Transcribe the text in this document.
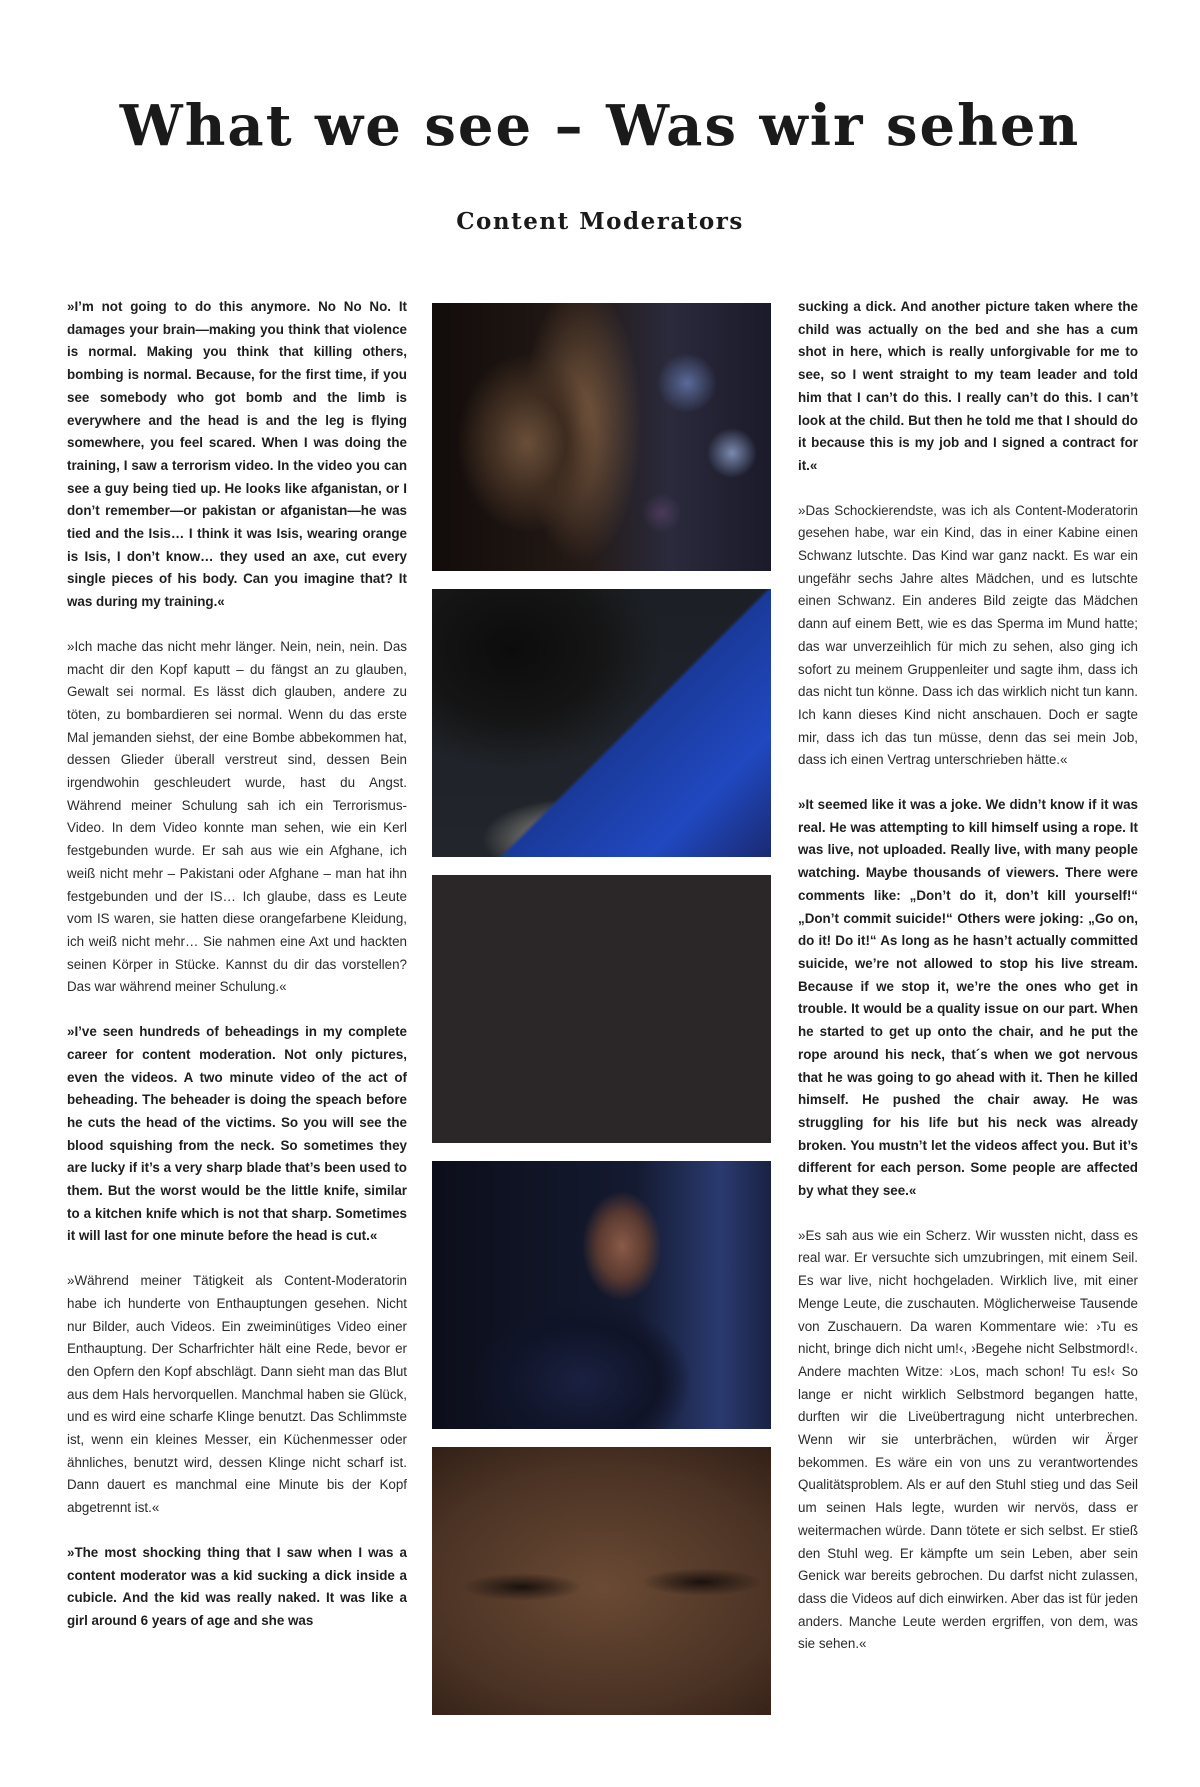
What we see – Was wir sehen
Content Moderators

»I’m not going to do this anymore. No No No. It damages your brain—making you think that violence is normal. Making you think that killing others, bombing is normal. Because, for the first time, if you see somebody who got bomb and the limb is everywhere and the head is and the leg is flying somewhere, you feel scared. When I was doing the training, I saw a terrorism video. In the video you can see a guy being tied up. He looks like afganistan, or I don’t remember—or pakistan or afganistan—he was tied and the Isis… I think it was Isis, wearing orange is Isis, I don’t know… they used an axe, cut every single pieces of his body. Can you imagine that? It was during my training.«

»Ich mache das nicht mehr länger. Nein, nein, nein. Das macht dir den Kopf kaputt – du fängst an zu glauben, Gewalt sei normal. Es lässt dich glauben, andere zu töten, zu bombardieren sei normal. Wenn du das erste Mal jemanden siehst, der eine Bombe abbekommen hat, dessen Glieder überall verstreut sind, dessen Bein irgendwohin geschleudert wurde, hast du Angst. Während meiner Schulung sah ich ein Terrorismus-Video. In dem Video konnte man sehen, wie ein Kerl festgebunden wurde. Er sah aus wie ein Afghane, ich weiß nicht mehr – Pakistani oder Afghane – man hat ihn festgebunden und der IS… Ich glaube, dass es Leute vom IS waren, sie hatten diese orangefarbene Kleidung, ich weiß nicht mehr… Sie nahmen eine Axt und hackten seinen Körper in Stücke. Kannst du dir das vorstellen? Das war während meiner Schulung.«

»I’ve seen hundreds of beheadings in my complete career for content moderation. Not only pictures, even the videos. A two minute video of the act of beheading. The beheader is doing the speach before he cuts the head of the victims. So you will see the blood squishing from the neck. So sometimes they are lucky if it’s a very sharp blade that’s been used to them. But the worst would be the little knife, similar to a kitchen knife which is not that sharp. Sometimes it will last for one minute before the head is cut.«

»Während meiner Tätigkeit als Content-Moderatorin habe ich hunderte von Enthauptungen gesehen. Nicht nur Bilder, auch Videos. Ein zweiminütiges Video einer Enthauptung. Der Scharfrichter hält eine Rede, bevor er den Opfern den Kopf abschlägt. Dann sieht man das Blut aus dem Hals hervorquellen. Manchmal haben sie Glück, und es wird eine scharfe Klinge benutzt. Das Schlimmste ist, wenn ein kleines Messer, ein Küchenmesser oder ähnliches, benutzt wird, dessen Klinge nicht scharf ist. Dann dauert es manchmal eine Minute bis der Kopf abgetrennt ist.«

»The most shocking thing that I saw when I was a content moderator was a kid sucking a dick inside a cubicle. And the kid was really naked. It was like a girl around 6 years of age and she was

sucking a dick. And another picture taken where the child was actually on the bed and she has a cum shot in here, which is really unforgivable for me to see, so I went straight to my team leader and told him that I can’t do this. I really can’t do this. I can’t look at the child. But then he told me that I should do it because this is my job and I signed a contract for it.«

»Das Schockierendste, was ich als Content-Moderatorin gesehen habe, war ein Kind, das in einer Kabine einen Schwanz lutschte. Das Kind war ganz nackt. Es war ein ungefähr sechs Jahre altes Mädchen, und es lutschte einen Schwanz. Ein anderes Bild zeigte das Mädchen dann auf einem Bett, wie es das Sperma im Mund hatte; das war unverzeihlich für mich zu sehen, also ging ich sofort zu meinem Gruppenleiter und sagte ihm, dass ich das nicht tun könne. Dass ich das wirklich nicht tun kann. Ich kann dieses Kind nicht anschauen. Doch er sagte mir, dass ich das tun müsse, denn das sei mein Job, dass ich einen Vertrag unterschrieben hätte.«

»It seemed like it was a joke. We didn’t know if it was real. He was attempting to kill himself using a rope. It was live, not uploaded. Really live, with many people watching. Maybe thousands of viewers. There were comments like: „Don’t do it, don’t kill yourself!“ „Don’t commit suicide!“ Others were joking: „Go on, do it! Do it!“ As long as he hasn’t actually committed suicide, we’re not allowed to stop his live stream. Because if we stop it, we’re the ones who get in trouble. It would be a quality issue on our part. When he started to get up onto the chair, and he put the rope around his neck, that´s when we got nervous that he was going to go ahead with it. Then he killed himself. He pushed the chair away. He was struggling for his life but his neck was already broken. You mustn’t let the videos affect you. But it’s different for each person. Some people are affected by what they see.«

»Es sah aus wie ein Scherz. Wir wussten nicht, dass es real war. Er versuchte sich umzubringen, mit einem Seil. Es war live, nicht hochgeladen. Wirklich live, mit einer Menge Leute, die zuschauten. Möglicherweise Tausende von Zuschauern. Da waren Kommentare wie: ›Tu es nicht, bringe dich nicht um!‹, ›Begehe nicht Selbstmord!‹. Andere machten Witze: ›Los, mach schon! Tu es!‹ So lange er nicht wirklich Selbstmord begangen hatte, durften wir die Liveübertragung nicht unterbrechen. Wenn wir sie unterbrächen, würden wir Ärger bekommen. Es wäre ein von uns zu verantwortendes Qualitätsproblem. Als er auf den Stuhl stieg und das Seil um seinen Hals legte, wurden wir nervös, dass er weitermachen würde. Dann tötete er sich selbst. Er stieß den Stuhl weg. Er kämpfte um sein Leben, aber sein Genick war bereits gebrochen. Du darfst nicht zulassen, dass die Videos auf dich einwirken. Aber das ist für jeden anders. Manche Leute werden ergriffen, von dem, was sie sehen.«
